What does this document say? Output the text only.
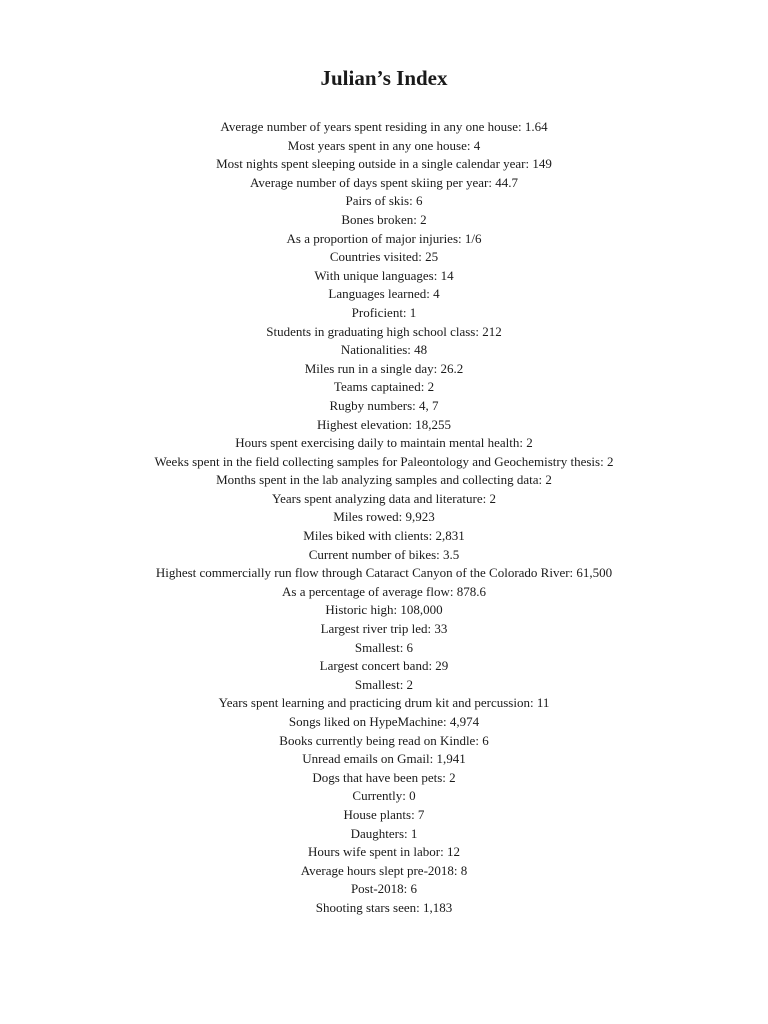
Julian’s Index
Average number of years spent residing in any one house: 1.64
Most years spent in any one house: 4
Most nights spent sleeping outside in a single calendar year: 149
Average number of days spent skiing per year: 44.7
Pairs of skis: 6
Bones broken: 2
As a proportion of major injuries: 1/6
Countries visited: 25
With unique languages: 14
Languages learned: 4
Proficient: 1
Students in graduating high school class: 212
Nationalities: 48
Miles run in a single day: 26.2
Teams captained: 2
Rugby numbers: 4, 7
Highest elevation: 18,255
Hours spent exercising daily to maintain mental health: 2
Weeks spent in the field collecting samples for Paleontology and Geochemistry thesis: 2
Months spent in the lab analyzing samples and collecting data: 2
Years spent analyzing data and literature: 2
Miles rowed: 9,923
Miles biked with clients: 2,831
Current number of bikes: 3.5
Highest commercially run flow through Cataract Canyon of the Colorado River: 61,500
As a percentage of average flow: 878.6
Historic high: 108,000
Largest river trip led: 33
Smallest: 6
Largest concert band: 29
Smallest: 2
Years spent learning and practicing drum kit and percussion: 11
Songs liked on HypeMachine: 4,974
Books currently being read on Kindle: 6
Unread emails on Gmail: 1,941
Dogs that have been pets: 2
Currently: 0
House plants: 7
Daughters: 1
Hours wife spent in labor: 12
Average hours slept pre-2018: 8
Post-2018: 6
Shooting stars seen: 1,183
